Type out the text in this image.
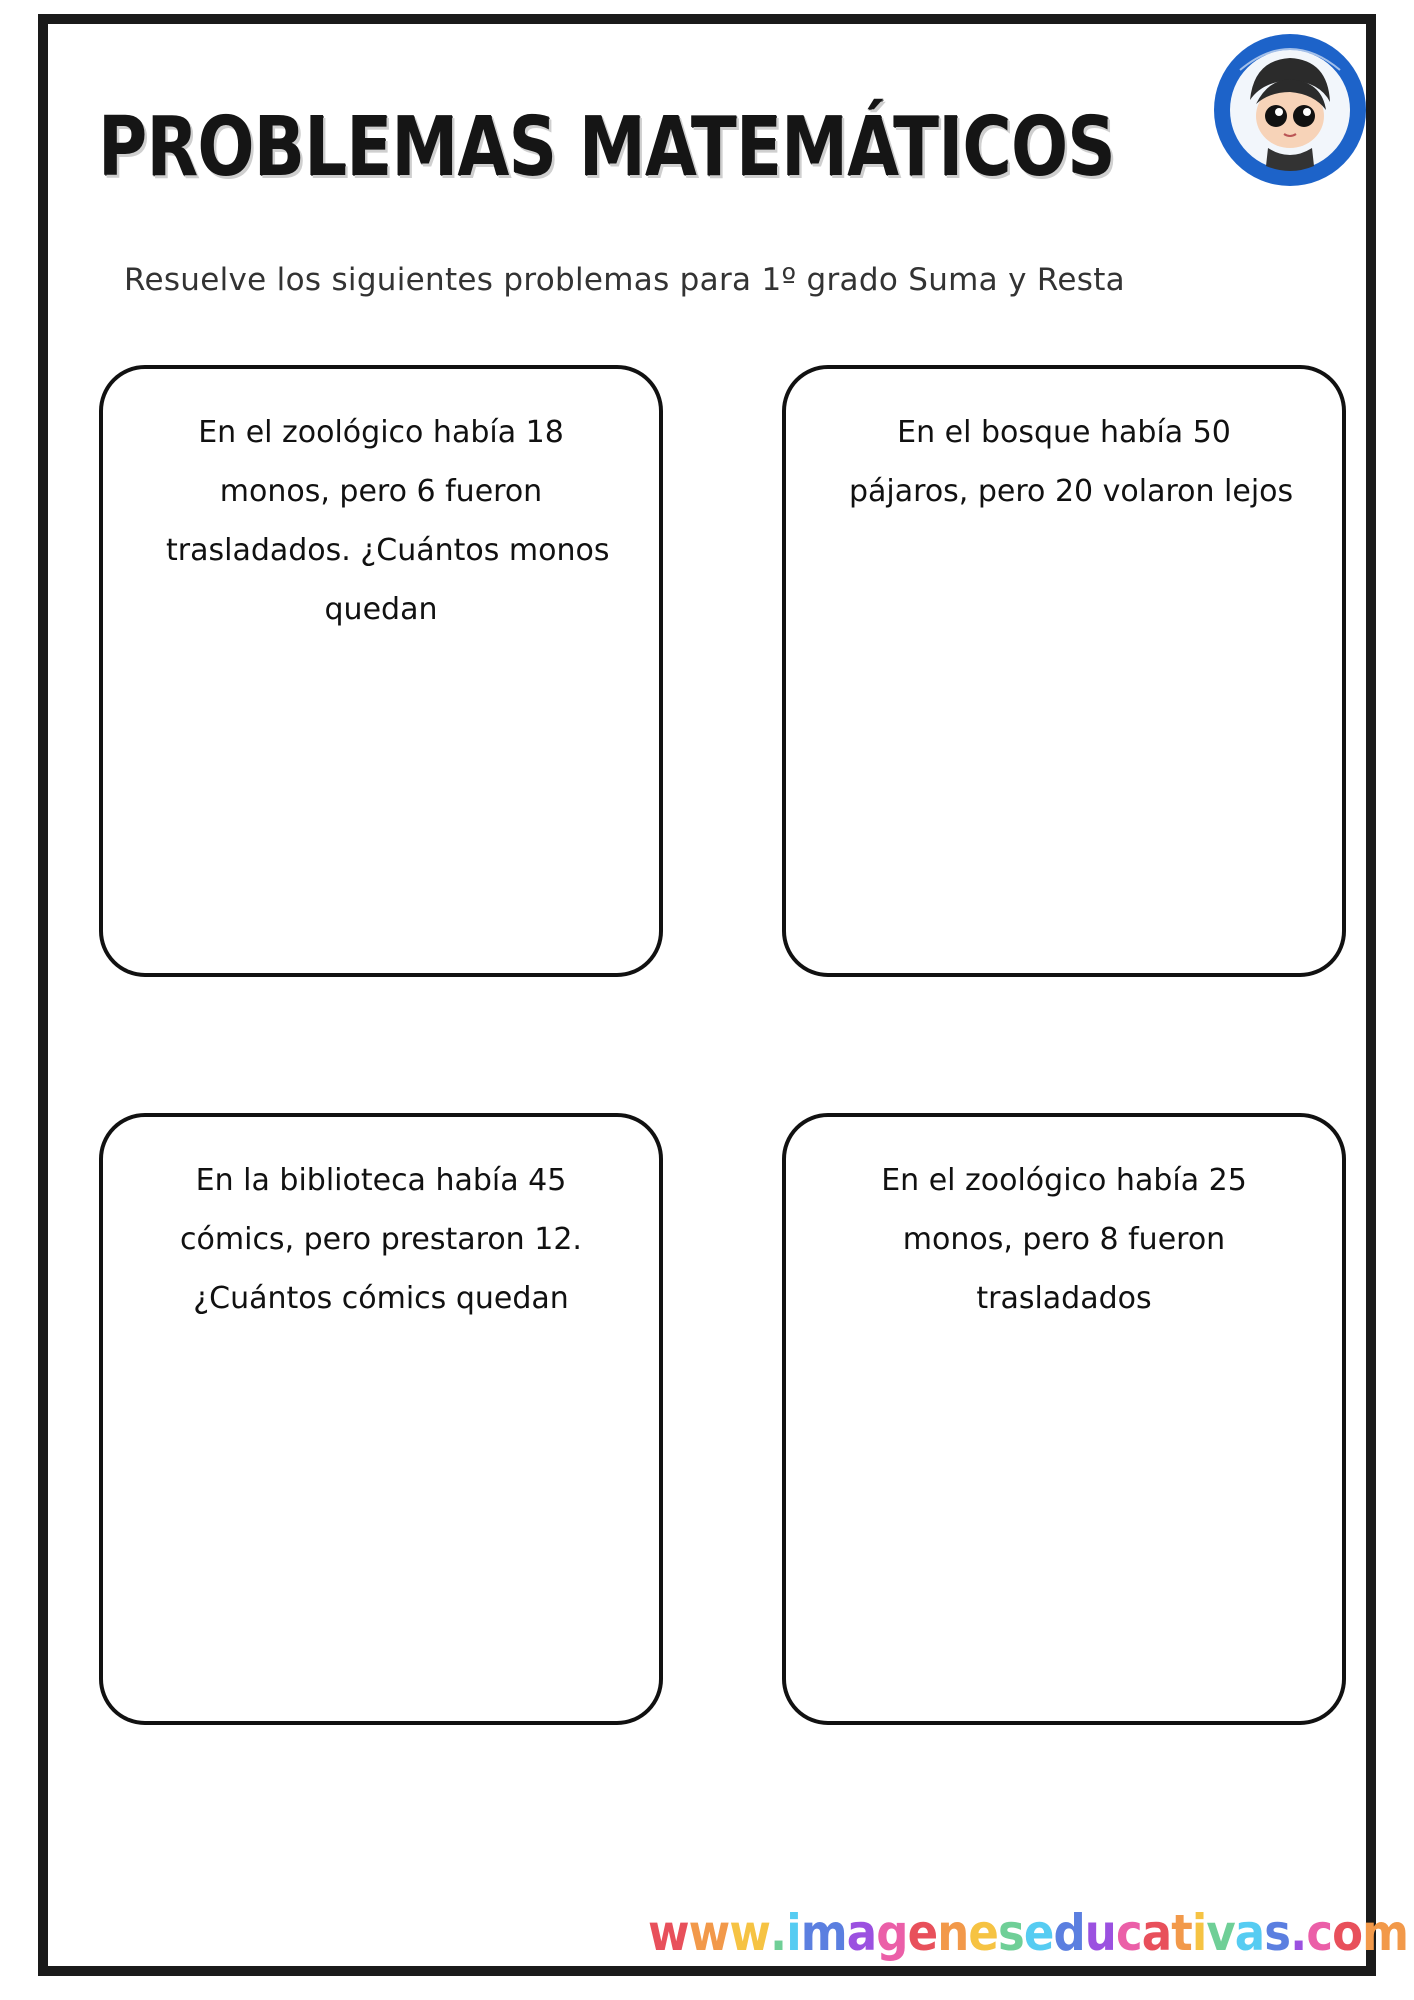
PROBLEMAS MATEMÁTICOS
Resuelve los siguientes problemas para 1º grado Suma y Resta
En el zoológico había 18
monos, pero 6 fueron
trasladados. ¿Cuántos monos
quedan
En el bosque había 50
pájaros, pero 20 volaron lejos
En la biblioteca había 45
cómics, pero prestaron 12.
¿Cuántos cómics quedan
En el zoológico había 25
monos, pero 8 fueron
trasladados
www.imageneseducativas.com
